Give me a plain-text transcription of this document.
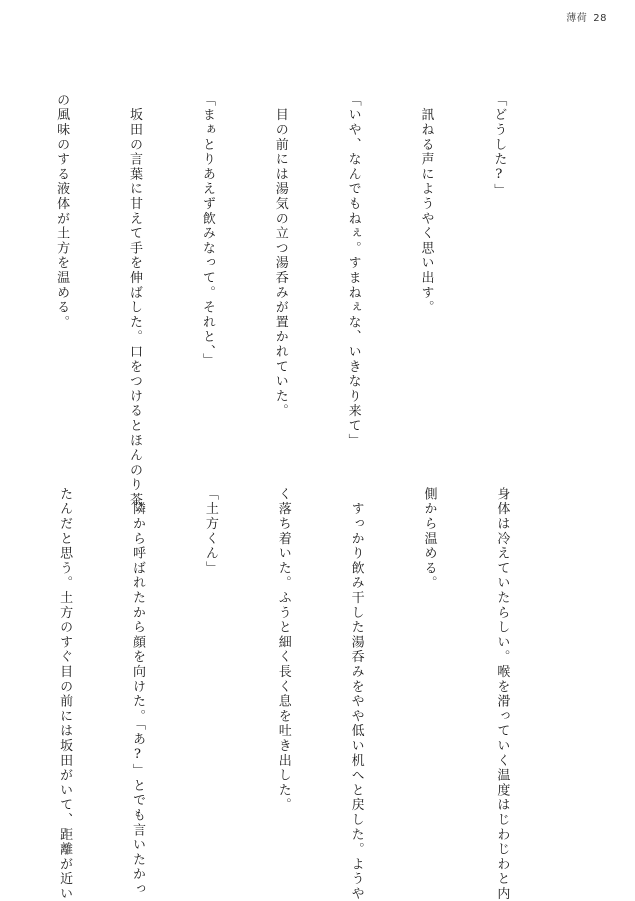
薄荷 28

「どうした?」

　訊ねる声にようやく思い出す。

「いや、なんでもねぇ。すまねぇな、いきなり来て」

　目の前には湯気の立つ湯呑みが置かれていた。

「まぁとりあえず飲みなって。それと、」

　坂田の言葉に甘えて手を伸ばした。口をつけるとほんのり茶

の風味のする液体が土方を温める。

身体は冷えていたらしい。喉を滑っていく温度はじわじわと内

側から温める。

　すっかり飲み干した湯呑みをやや低い机へと戻した。ようや

く落ち着いた。ふうと細く長く息を吐き出した。

「土方くん」

　隣から呼ばれたから顔を向けた。「あ?」とでも言いたかっ

たんだと思う。土方のすぐ目の前には坂田がいて、距離が近い
